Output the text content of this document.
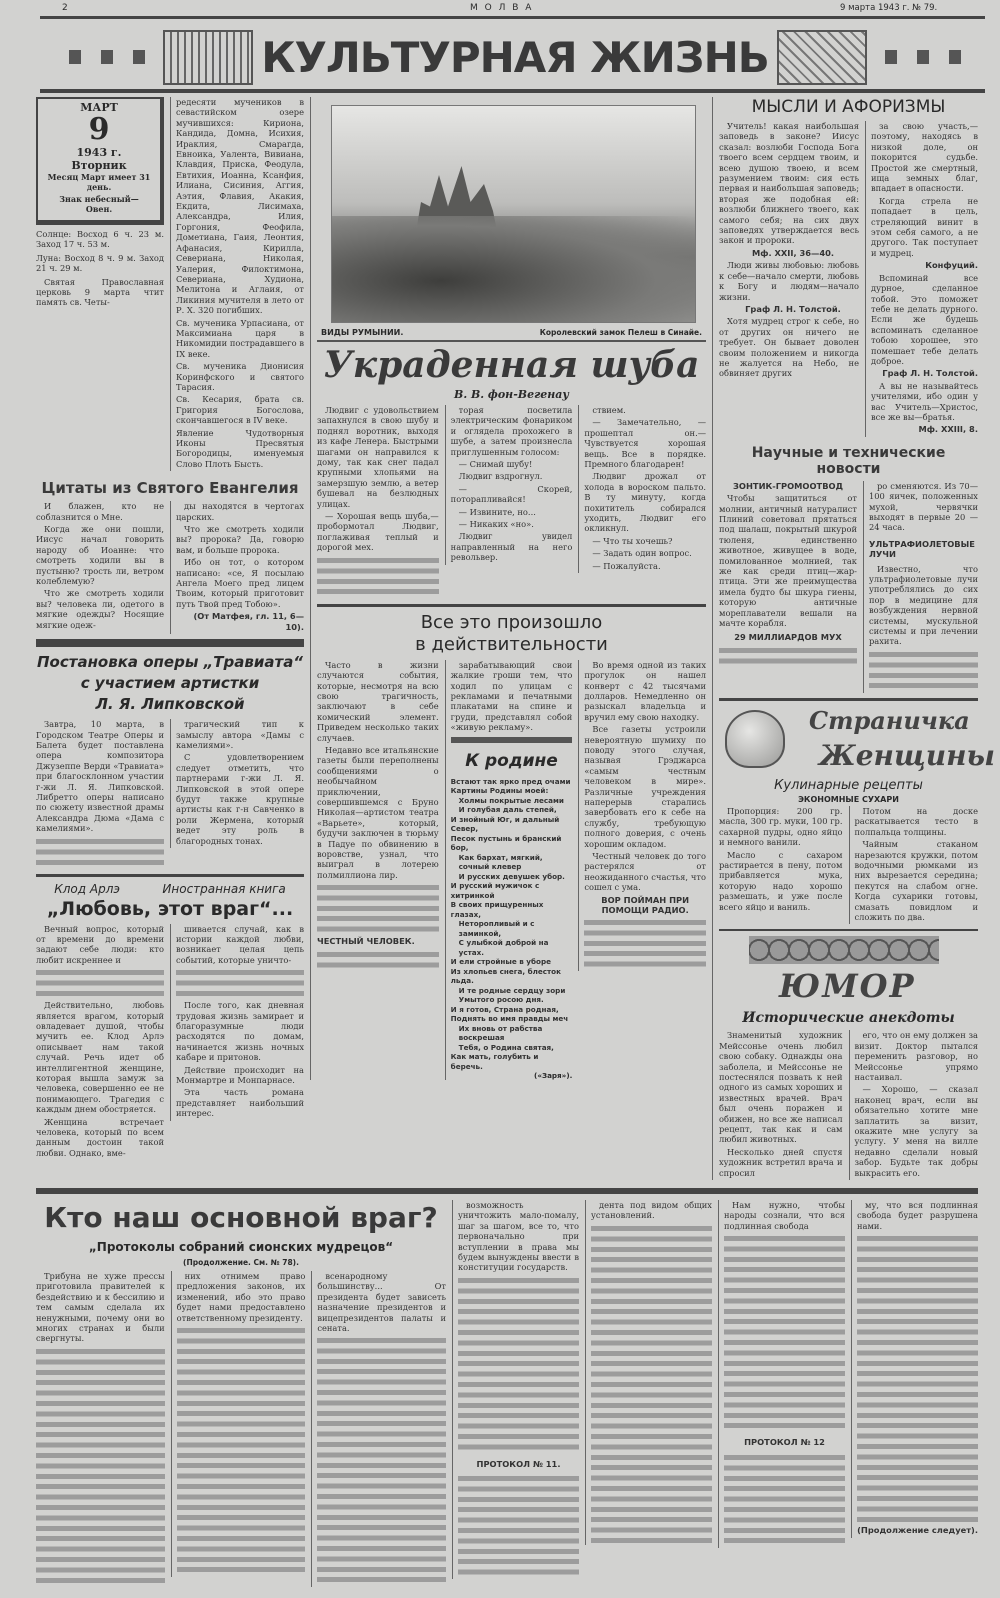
2	М О Л В А	9 марта 1943 г. № 79.
КУЛЬТУРНАЯ ЖИЗНЬ
МАРТ
9
1943 г.
Вторник
Месяц Март имеет 31 день.
Знак небесный— Овен.
Солнце: Восход 6 ч. 23 м. Заход 17 ч. 53 м.
Луна: Восход 8 ч. 9 м. Заход 21 ч. 29 м.
Святая Православная церковь 9 марта чтит память св. Четы-

редесяти мучеников в севастийском озере мучившихся: Кириона, Кандида, Домна, Исихия, Ираклия, Смарагда, Евноика, Уалента, Вивиана, Клавдия, Приска, Феодула, Евтихия, Иоанна, Ксанфия, Илиана, Сисиния, Аггия, Аэтия, Флавия, Акакия, Екдита, Лисимаха, Александра, Илия, Горгония, Феофила, Дометиана, Гаия, Леонтия, Афанасия, Кирилла, Севериана, Николая, Уалерия, Филоктимона, Севериана, Худиона, Мелитона и Аглаия, от Ликиния мучителя в лето от Р. Х. 320 погибших.

Св. мученика Урпасиана, от Максимиана царя в Никомидии пострадавшего в IX веке.

Св. мученика Дионисия Коринфского и святого Тарасия.

Св. Кесария, брата св. Григория Богослова, скончавшегося в IV веке.

Явление Чудотворныя Иконы Пресвятыя Богородицы, именуемыя Слово Плоть Бысть.

Цитаты из Святого Евангелия

И блажен, кто не соблазнится о Мне.

Когда же они пошли, Иисус начал говорить народу об Иоанне: что смотреть ходили вы в пустыню? трость ли, ветром колеблемую?

Что же смотреть ходили вы? человека ли, одетого в мягкие одежды? Носящие мягкие одеж-

ды находятся в чертогах царских.

Что же смотреть ходили вы? пророка? Да, говорю вам, и больше пророка.

Ибо он тот, о котором написано: «се, Я посылаю Ангела Моего пред лицем Твоим, который приготовит путь Твой пред Тобою».

(От Матфея, гл. 11, 6—10).

Постановка оперы „Травиата“
с участием артистки
Л. Я. Липковской

Завтра, 10 марта, в Городском Театре Оперы и Балета будет поставлена опера композитора Джузеппе Верди «Травиата» при благосклонном участии г-жи Л. Я. Липковской. Либретто оперы написано по сюжету известной драмы Александра Дюма «Дама с камелиями».

трагический тип к замыслу автора «Дамы с камелиями».

С удовлетворением следует отметить, что партнерами г-жи Л. Я. Липковской в этой опере будут также крупные артисты как г-н Савченко в роли Жермена, который ведет эту роль в благородных тонах.

Клод Арлэ	Иностранная книга
„Любовь, этот враг“...

Вечный вопрос, который от времени до времени задают себе люди: кто любит искреннее и

Действительно, любовь является врагом, который овладевает душой, чтобы мучить ее. Клод Арлэ описывает нам такой случай. Речь идет об интеллигентной женщине, которая вышла замуж за человека, совершенно ее не понимающего. Трагедия с каждым днем обостряется.

Женщина встречает человека, который по всем данным достоин такой любви. Однако, вме-

шивается случай, как в истории каждой любви, возникает целая цепь событий, которые уничто-

После того, как дневная трудовая жизнь замирает и благоразумные люди расходятся по домам, начинается жизнь ночных кабаре и притонов.

Действие происходит на Монмартре и Монпарнасе.

Эта часть романа представляет наибольший интерес.

ВИДЫ РУМЫНИИ.	Королевский замок Пелеш в Синайе.
Украденная шуба
В. В. фон-Вегенау

Людвиг с удовольствием запахнулся в свою шубу и поднял воротник, выходя из кафе Ленера. Быстрыми шагами он направился к дому, так как снег падал крупными хлопьями на замерзшую землю, а ветер бушевал на безлюдных улицах.

— Хорошая вещь шуба,—пробормотал Людвиг, поглаживая теплый и дорогой мех.

торая посветила электрическим фонариком и оглядела прохожего в шубе, а затем произнесла приглушенным голосом:

— Снимай шубу!

Людвиг вздрогнул.

— Скорей, поторапливайся!

— Извините, но...

— Никаких «но».

Людвиг увидел направленный на него револьвер.

ствием.

— Замечательно, — прошептал он.—Чувствуется хорошая вещь. Все в порядке. Премного благодарен!

Людвиг дрожал от холода в вороском пальто. В ту минуту, когда похититель собирался уходить, Людвиг его окликнул.

— Что ты хочешь?

— Задать один вопрос.

— Пожалуйста.

Все это произошло
в действительности

Часто в жизни случаются события, которые, несмотря на всю свою трагичность, заключают в себе комический элемент. Приведем несколько таких случаев.

Недавно все итальянские газеты были переполнены сообщениями о необычайном приключении, совершившемся с Бруно Николая—артистом театра «Варьете», который, будучи заключен в тюрьму в Падуе по обвинению в воровстве, узнал, что выиграл в лотерею полмиллиона лир.

ЧЕСТНЫЙ ЧЕЛОВЕК.

зарабатывающий свои жалкие гроши тем, что ходил по улицам с рекламами и печатными плакатами на спине и груди, представлял собой «живую рекламу».

К родине
Встают так ярко пред очами
Картины Родины моей:
Холмы покрытые лесами
И голубая даль степей,
И знойный Юг, и дальный Север,
Песок пустынь и бранский бор,
Как бархат, мягкий, сочный клевер
И русских девушек убор.
И русский мужичок с хитринкой
В своих прищуренных глазах,
Неторопливый и с заминкой,
С улыбкой доброй на устах.
И ели стройные в уборе
Из хлопьев снега, блесток льда.
И те родные сердцу зори
Умытого росою дня.
И я готов, Страна родная,
Поднять во имя правды меч
Их вновь от рабства воскрешая
Тебя, о Родина святая,
Как мать, голубить и беречь.
(«Заря»).

Во время одной из таких прогулок он нашел конверт с 42 тысячами долларов. Немедленно он разыскал владельца и вручил ему свою находку.

Все газеты устроили невероятную шумиху по поводу этого случая, называя Грэджарса «самым честным человеком в мире». Различные учреждения наперерыв старались завербовать его к себе на службу, требующую полного доверия, с очень хорошим окладом.

Честный человек до того растерялся от неожиданного счастья, что сошел с ума.

ВОР ПОЙМАН ПРИ ПОМОЩИ РАДИО.

МЫСЛИ И АФОРИЗМЫ

Учитель! какая наибольшая заповедь в законе? Иисус сказал: возлюби Господа Бога твоего всем сердцем твоим, и всею душою твоею, и всем разумением твоим: сия есть первая и наибольшая заповедь; вторая же подобная ей: возлюби ближнего твоего, как самого себя; на сих двух заповедях утверждается весь закон и пророки.

Мф. XXII, 36—40.

Люди живы любовью: любовь к себе—начало смерти, любовь к Богу и людям—начало жизни.

Граф Л. Н. Толстой.

Хотя мудрец строг к себе, но от других он ничего не требует. Он бывает доволен своим положением и никогда не жалуется на Небо, не обвиняет других

за свою участь,—поэтому, находясь в низкой доле, он покорится судьбе. Простой же смертный, ища земных благ, впадает в опасности.

Когда стрела не попадает в цель, стреляющий винит в этом себя самого, а не другого. Так поступает и мудрец.

Конфуций.

Вспоминай все дурное, сделанное тобой. Это поможет тебе не делать дурного. Если же будешь вспоминать сделанное тобою хорошее, это помешает тебе делать доброе.

Граф Л. Н. Толстой.

А вы не называйтесь учителями, ибо один у вас Учитель—Христос, все же вы—братья.

Мф. XXIII, 8.

Научные и технические новости

ЗОНТИК-ГРОМООТВОД

Чтобы защититься от молнии, античный натуралист Плиний советовал прятаться под шалаш, покрытый шкурой тюленя, единственно животное, живущее в воде, помилованное молнией, так же как среди птиц—жар-птица. Эти же преимущества имела будто бы шкура гиены, которую античные мореплаватели вешали на мачте корабля.

29 МИЛЛИАРДОВ МУХ

ро сменяются. Из 70—100 яичек, положенных мухой, червячки выходят в первые 20 — 24 часа.

УЛЬТРАФИОЛЕТОВЫЕ ЛУЧИ

Известно, что ультрафиолетовые лучи употреблялись до сих пор в медицине для возбуждения нервной системы, мускульной системы и при лечении рахита.

Страничка
Женщины
Кулинарные рецепты
ЭКОНОМНЫЕ СУХАРИ

Пропорция: 200 гр. масла, 300 гр. муки, 100 гр. сахарной пудры, одно яйцо и немного ванили.

Масло с сахаром растирается в пену, потом прибавляется мука, которую надо хорошо размешать, и уже после всего яйцо и ваниль.

Потом на доске раскатывается тесто в полпальца толщины.

Чайным стаканом нарезаются кружки, потом водочными рюмками из них вырезается середина; пекутся на слабом огне. Когда сухарики готовы, смазать повидлом и сложить по два.

ЮМОР
Исторические анекдоты

Знаменитый художник Мейссонье очень любил свою собаку. Однажды она заболела, и Мейссонье не постеснялся позвать к ней одного из самых хороших и известных врачей. Врач был очень поражен и обижен, но все же написал рецепт, так как и сам любил животных.

Несколько дней спустя художник встретил врача и спросил

его, что он ему должен за визит. Доктор пытался переменить разговор, но Мейссонье упрямо настаивал.

— Хорошо, — сказал наконец врач, если вы обязательно хотите мне заплатить за визит, окажите мне услугу за услугу. У меня на вилле недавно сделали новый забор. Будьте так добры выкрасить его.

Кто наш основной враг?
„Протоколы собраний сионских мудрецов“
(Продолжение. См. № 78).

Трибуна не хуже прессы приготовила правителей к бездействию и к бессилию и тем самым сделала их ненужными, почему они во многих странах и были свергнуты.

них отнимем право предложения законов, их изменений, ибо это право будет нами предоставлено ответственному президенту.

всенародному большинству... От президента будет зависеть назначение президентов и вицепрезидентов палаты и сената.

возможность уничтожить мало-помалу, шаг за шагом, все то, что первоначально при вступлении в права мы будем вынуждены ввести в конституции государств.

ПРОТОКОЛ № 11.

дента под видом общих установлений.

Нам нужно, чтобы народы сознали, что вся подлинная свобода

ПРОТОКОЛ № 12

му, что вся подлинная свобода будет разрушена нами.

(Продолжение следует).
